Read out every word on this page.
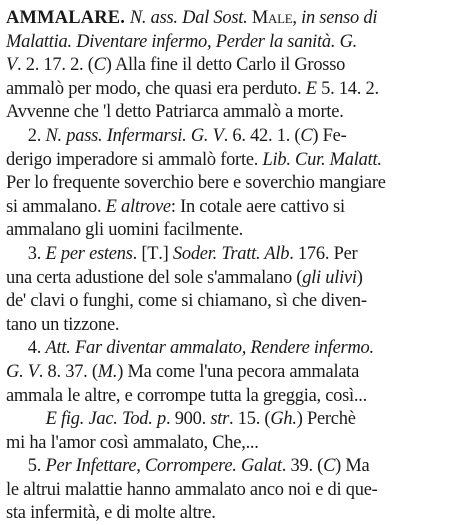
AMMALARE. N. ass. Dal Sost. Male, in senso di
Malattia. Diventare infermo, Perder la sanità. G.
V. 2. 17. 2. (C) Alla fine il detto Carlo il Grosso
ammalò per modo, che quasi era perduto. E 5. 14. 2.
Avvenne che 'l detto Patriarca ammalò a morte.
2. N. pass. Infermarsi. G. V. 6. 42. 1. (C) Fe-
derigo imperadore si ammalò forte. Lib. Cur. Malatt.
Per lo frequente soverchio bere e soverchio mangiare
si ammalano. E altrove: In cotale aere cattivo si
ammalano gli uomini facilmente.
3. E per estens. [T.] Soder. Tratt. Alb. 176. Per
una certa adustione del sole s'ammalano (gli ulivi)
de' clavi o funghi, come si chiamano, sì che diven-
tano un tizzone.
4. Att. Far diventar ammalato, Rendere infermo.
G. V. 8. 37. (M.) Ma come l'una pecora ammalata
ammala le altre, e corrompe tutta la greggia, così...
E fig. Jac. Tod. p. 900. str. 15. (Gh.) Perchè
mi ha l'amor così ammalato, Che,...
5. Per Infettare, Corrompere. Galat. 39. (C) Ma
le altrui malattie hanno ammalato anco noi e di que-
sta infermità, e di molte altre.
